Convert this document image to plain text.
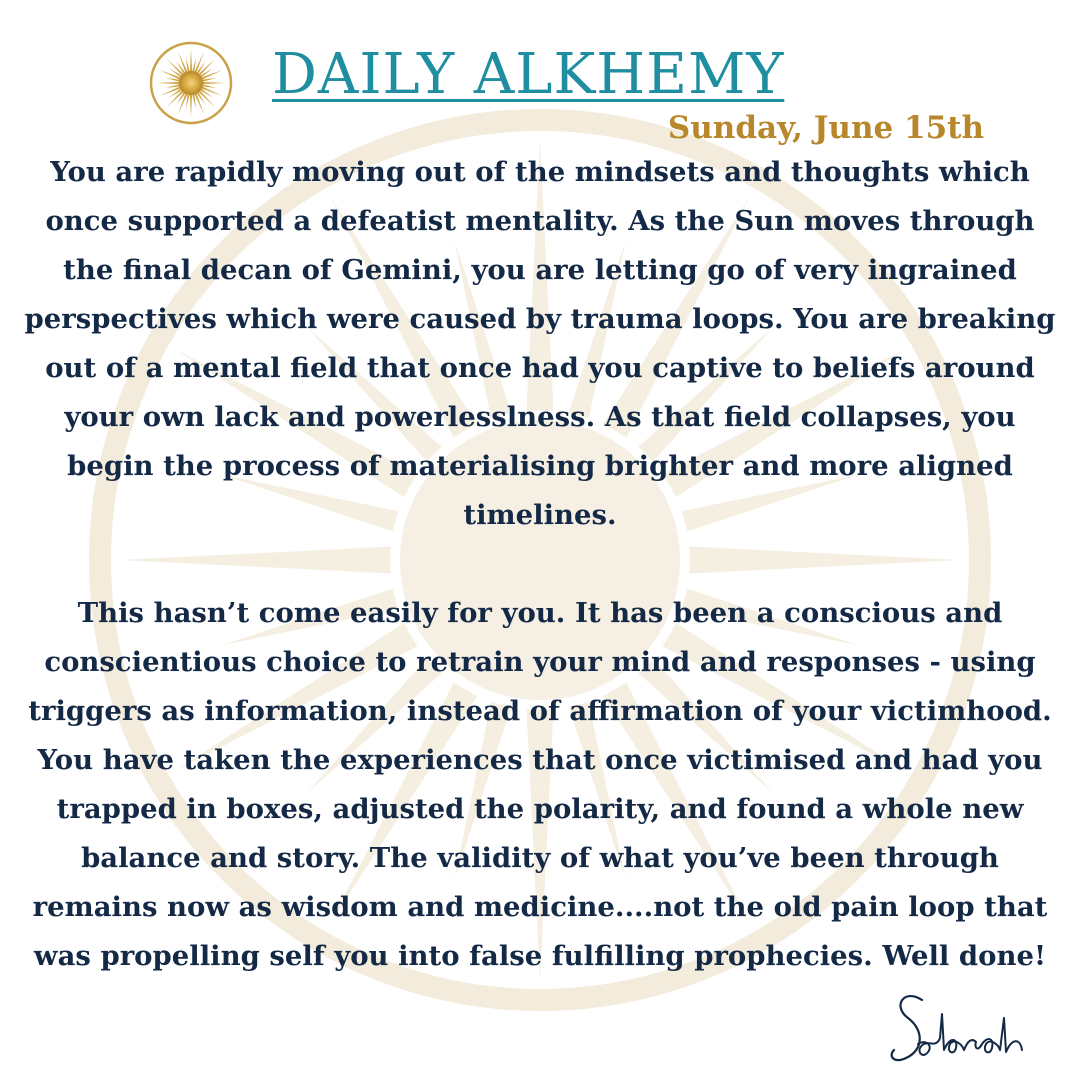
DAILY ALKHEMY
Sunday, June 15th

You are rapidly moving out of the mindsets and thoughts which once supported a defeatist mentality. As the Sun moves through the final decan of Gemini, you are letting go of very ingrained perspectives which were caused by trauma loops. You are breaking out of a mental field that once had you captive to beliefs around your own lack and powerlesslness. As that field collapses, you begin the process of materialising brighter and more aligned timelines.

This hasn’t come easily for you. It has been a conscious and conscientious choice to retrain your mind and responses - using triggers as information, instead of affirmation of your victimhood. You have taken the experiences that once victimised and had you trapped in boxes, adjusted the polarity, and found a whole new balance and story. The validity of what you’ve been through remains now as wisdom and medicine....not the old pain loop that was propelling self you into false fulfilling prophecies. Well done!
